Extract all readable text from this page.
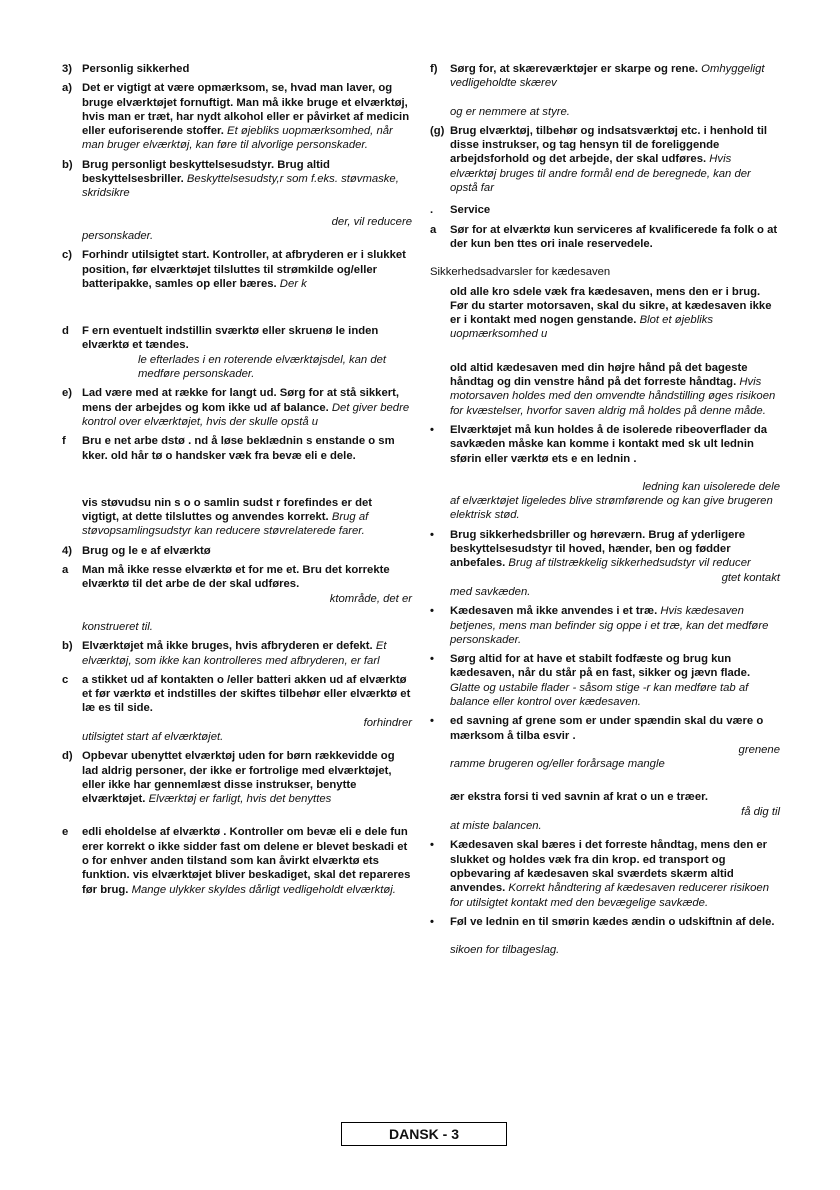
3) Personlig sikkerhed
a) Det er vigtigt at være opmærksom, se, hvad man laver, og bruge elværktøjet fornuftigt. Man må ikke bruge et elværktøj, hvis man er træt, har nydt alkohol eller er påvirket af medicin eller euforiserende stoffer. Et øjebliks uopmærksomhed, når man bruger elværktøj, kan føre til alvorlige personskader.
b) Brug personligt beskyttelsesudstyr. Brug altid beskyttelsesbriller. Beskyttelsesudsty,r som f.eks. støvmaske, skridsikre
der, vil reducere
personskader.
c) Forhindr utilsigtet start. Kontroller, at afbryderen er i slukket position, før elværktøjet tilsluttes til strømkilde og/eller batteripakke, samles op eller bæres. Der k
d F ern eventuelt indstillin sværktø eller skruenø le inden elværktø et tændes.
le efterlades i en roterende elværktøjsdel, kan det medføre personskader.
e) Lad være med at række for langt ud. Sørg for at stå sikkert, mens der arbejdes og kom ikke ud af balance. Det giver bedre kontrol over elværktøjet, hvis der skulle opstå u
f Bru e net arbe dstø . nd å løse beklædnin s enstande o sm kker. old hår tø o handsker væk fra bevæ eli e dele.
vis støvudsu nin s o o samlin sudst r forefindes er det vigtigt, at dette tilsluttes og anvendes korrekt. Brug af støvopsamlingsudstyr kan reducere støvrelaterede farer.
4) Brug og le e af elværktø
a Man må ikke resse elværktø et for me et. Bru det korrekte elværktø til det arbe de der skal udføres.
ktområde, det er
konstrueret til.
b) Elværktøjet må ikke bruges, hvis afbryderen er defekt. Et elværktøj, som ikke kan kontrolleres med afbryderen, er farl
c a stikket ud af kontakten o /eller batteri akken ud af elværktø et før værktø et indstilles der skiftes tilbehør eller elværktø et læ es til side.
forhindrer
utilsigtet start af elværktøjet.
d) Opbevar ubenyttet elværktøj uden for børn rækkevidde og lad aldrig personer, der ikke er fortrolige med elværktøjet, eller ikke har gennemlæst disse instrukser, benytte elværktøjet. Elværktøj er farligt, hvis det benyttes
e edli eholdelse af elværktø . Kontroller om bevæ eli e dele fun erer korrekt o ikke sidder fast om delene er blevet beskadi et o for enhver anden tilstand som kan åvirkt elværktø ets funktion. vis elværktøjet bliver beskadiget, skal det repareres før brug. Mange ulykker skyldes dårligt vedligeholdt elværktøj.
f) Sørg for, at skæreværktøjer er skarpe og rene. Omhyggeligt vedligeholdte skærev
og er nemmere at styre.
(g) Brug elværktøj, tilbehør og indsatsværktøj etc. i henhold til disse instrukser, og tag hensyn til de foreliggende arbejdsforhold og det arbejde, der skal udføres. Hvis elværktøj bruges til andre formål end de beregnede, kan der opstå far
. Service
a Sør for at elværktø kun serviceres af kvalificerede fa folk o at der kun ben ttes ori inale reservedele.
Sikkerhedsadvarsler for kædesaven
old alle kro sdele væk fra kædesaven, mens den er i brug. Før du starter motorsaven, skal du sikre, at kædesaven ikke er i kontakt med nogen genstande. Blot et øjebliks uopmærksomhed u
old altid kædesaven med din højre hånd på det bageste håndtag og din venstre hånd på det forreste håndtag. Hvis motorsaven holdes med den omvendte håndstilling øges risikoen for kvæstelser, hvorfor saven aldrig må holdes på denne måde.
• Elværktøjet må kun holdes å de isolerede ribeoverflader da savkæden måske kan komme i kontakt med sk ult lednin sførin eller værktø ets e en lednin .
ledning kan uisolerede dele
af elværktøjet ligeledes blive strømførende og kan give brugeren elektrisk stød.
• Brug sikkerhedsbriller og høreværn. Brug af yderligere beskyttelsesudstyr til hoved, hænder, ben og fødder anbefales. Brug af tilstrækkelig sikkerhedsudstyr vil reducer
gtet kontakt
med savkæden.
• Kædesaven må ikke anvendes i et træ. Hvis kædesaven betjenes, mens man befinder sig oppe i et træ, kan det medføre personskader.
• Sørg altid for at have et stabilt fodfæste og brug kun kædesaven, når du står på en fast, sikker og jævn flade. Glatte og ustabile flader - såsom stige -r kan medføre tab af balance eller kontrol over kædesaven.
• ed savning af grene som er under spændin skal du være o mærksom å tilba esvir .
grenene
ramme brugeren og/eller forårsage mangle
ær ekstra forsi ti ved savnin af krat o un e træer.
få dig til
at miste balancen.
• Kædesaven skal bæres i det forreste håndtag, mens den er slukket og holdes væk fra din krop. ed transport og opbevaring af kædesaven skal sværdets skærm altid anvendes. Korrekt håndtering af kædesaven reducerer risikoen for utilsigtet kontakt med den bevægelige savkæde.
• Føl ve lednin en til smørin kædes ændin o udskiftnin af dele.
sikoen for tilbageslag.
DANSK - 3
